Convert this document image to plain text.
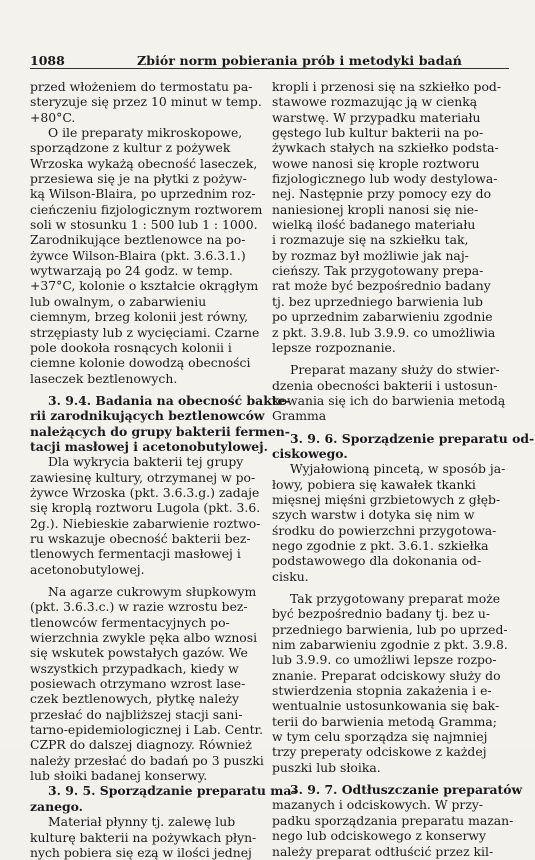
1088	Zbiór norm pobierania prób i metodyki badań

przed włożeniem do termostatu pa-
steryzuje się przez 10 minut w temp.
+80°C.

O ile preparaty mikroskopowe,
sporządzone z kultur z pożywek
Wrzoska wykażą obecność laseczek,
przesiewa się je na płytki z pożyw-
ką Wilson-Blaira, po uprzednim roz-
cieńczeniu fizjologicznym roztworem
soli w stosunku 1 : 500 lub 1 : 1000.
Zarodnikujące beztlenowce na po-
żywce Wilson-Blaira (pkt. 3.6.3.1.)
wytwarzają po 24 godz. w temp.
+37°C, kolonie o kształcie okrągłym
lub owalnym, o zabarwieniu
ciemnym, brzeg kolonii jest równy,
strzępiasty lub z wycięciami. Czarne
pole dookoła rosnących kolonii i
ciemne kolonie dowodzą obecności
laseczek beztlenowych.

3. 9.4. Badania na obecność bakte-
rii zarodnikujących beztlenowców
należących do grupy bakterii fermen-
tacji masłowej i acetonobutylowej.

Dla wykrycia bakterii tej grupy
zawiesinę kultury, otrzymanej w po-
żywce Wrzoska (pkt. 3.6.3.g.) zadaje
się kroplą roztworu Lugola (pkt. 3.6.
2g.). Niebieskie zabarwienie roztwo-
ru wskazuje obecność bakterii bez-
tlenowych fermentacji masłowej i
acetonobutylowej.

Na agarze cukrowym słupkowym
(pkt. 3.6.3.c.) w razie wzrostu bez-
tlenowców fermentacyjnych po-
wierzchnia zwykle pęka albo wznosi
się wskutek powstałych gazów. We
wszystkich przypadkach, kiedy w
posiewach otrzymano wzrost lase-
czek beztlenowych, płytkę należy
przesłać do najbliższej stacji sani-
tarno-epidemiologicznej i Lab. Centr.
CZPR do dalszej diagnozy. Również
należy przesłać do badań po 3 puszki
lub słoiki badanej konserwy.

3. 9. 5. Sporządzanie preparatu ma-
zanego.

Materiał płynny tj. zalewę lub
kulturę bakterii na pożywkach płyn-
nych pobiera się ezą w ilości jednej

kropli i przenosi się na szkiełko pod-
stawowe rozmazując ją w cienką
warstwę. W przypadku materiału
gęstego lub kultur bakterii na po-
żywkach stałych na szkiełko podsta-
wowe nanosi się krople roztworu
fizjologicznego lub wody destylowa-
nej. Następnie przy pomocy ezy do
naniesionej kropli nanosi się nie-
wielką ilość badanego materiału
i rozmazuje się na szkiełku tak,
by rozmaz był możliwie jak naj-
cieńszy. Tak przygotowany prepa-
rat może być bezpośrednio badany
tj. bez uprzedniego barwienia lub
po uprzednim zabarwieniu zgodnie
z pkt. 3.9.8. lub 3.9.9. co umożliwia
lepsze rozpoznanie.

Preparat mazany służy do stwier-
dzenia obecności bakterii i ustosun-
kowania się ich do barwienia metodą
Gramma

3. 9. 6. Sporządzenie preparatu od-
ciskowego.

Wyjałowioną pincetą, w sposób ja-
łowy, pobiera się kawałek tkanki
mięsnej mięśni grzbietowych z głęb-
szych warstw i dotyka się nim w
środku do powierzchni przygotowa-
nego zgodnie z pkt. 3.6.1. szkiełka
podstawowego dla dokonania od-
cisku.

Tak przygotowany preparat może
być bezpośrednio badany tj. bez u-
przedniego barwienia, lub po uprzed-
nim zabarwieniu zgodnie z pkt. 3.9.8.
lub 3.9.9. co umożliwi lepsze rozpo-
znanie. Preparat odciskowy służy do
stwierdzenia stopnia zakażenia i e-
wentualnie ustosunkowania się bak-
terii do barwienia metodą Gramma;
w tym celu sporządza się najmniej
trzy preperaty odciskowe z każdej
puszki lub słoika.

3. 9. 7. Odtłuszczanie preparatów
mazanych i odciskowych. W przy-
padku sporządzania preparatu mazan-
nego lub odciskowego z konserwy
należy preparat odtłuścić przez kil-
